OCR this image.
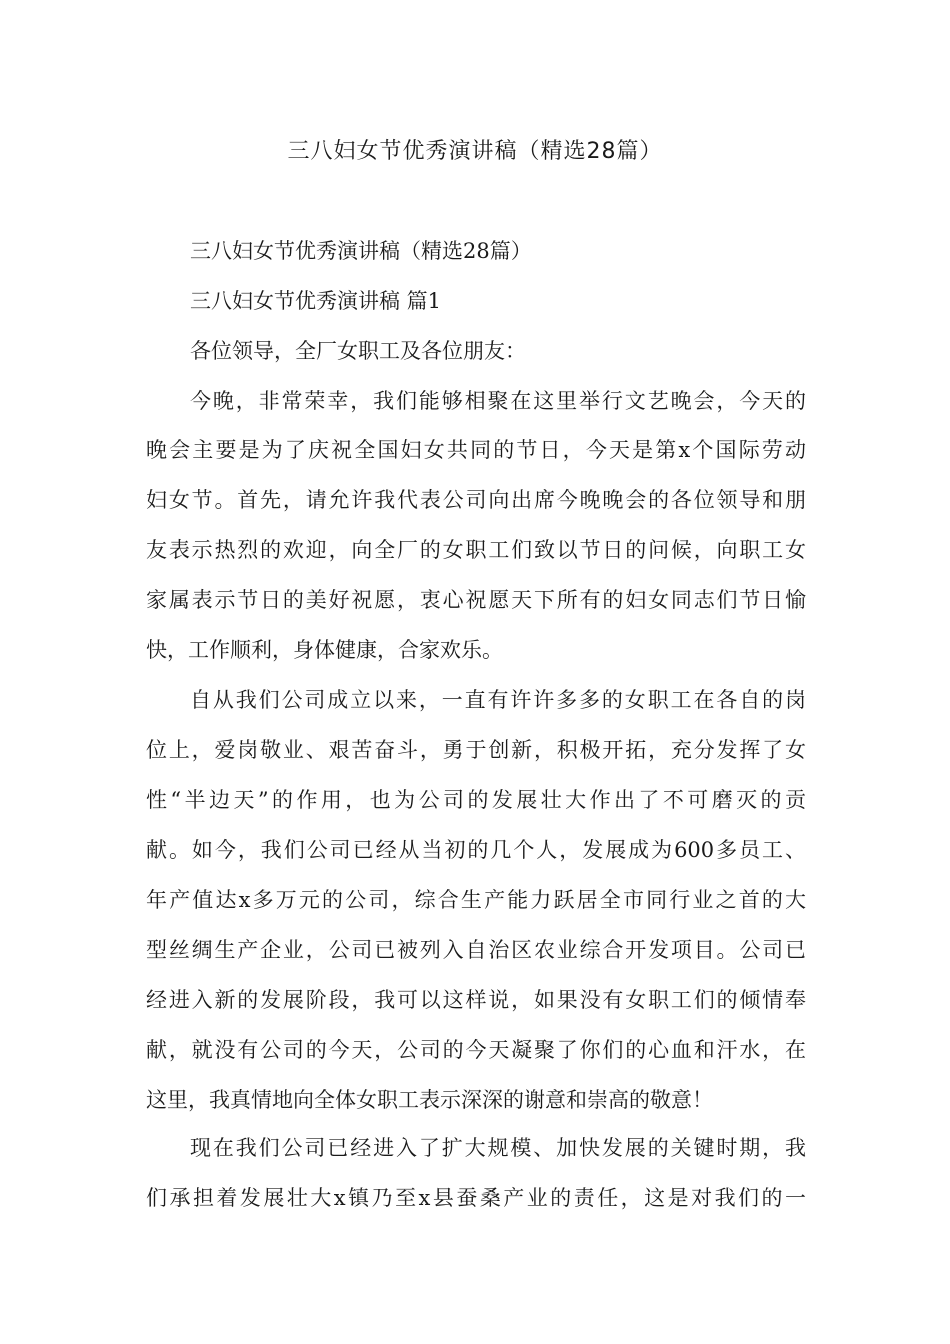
三八妇女节优秀演讲稿（精选28篇）
三八妇女节优秀演讲稿（精选28篇）
三八妇女节优秀演讲稿 篇1
各位领导，全厂女职工及各位朋友：
今晚，非常荣幸，我们能够相聚在这里举行文艺晚会，今天的
晚会主要是为了庆祝全国妇女共同的节日，今天是第x个国际劳动
妇女节。首先，请允许我代表公司向出席今晚晚会的各位领导和朋
友表示热烈的欢迎，向全厂的女职工们致以节日的问候，向职工女
家属表示节日的美好祝愿，衷心祝愿天下所有的妇女同志们节日愉
快，工作顺利，身体健康，合家欢乐。
自从我们公司成立以来，一直有许许多多的女职工在各自的岗
位上，爱岗敬业、艰苦奋斗，勇于创新，积极开拓，充分发挥了女
性“半边天”的作用，也为公司的发展壮大作出了不可磨灭的贡
献。如今，我们公司已经从当初的几个人，发展成为600多员工、
年产值达x多万元的公司，综合生产能力跃居全市同行业之首的大
型丝绸生产企业，公司已被列入自治区农业综合开发项目。公司已
经进入新的发展阶段，我可以这样说，如果没有女职工们的倾情奉
献，就没有公司的今天，公司的今天凝聚了你们的心血和汗水，在
这里，我真情地向全体女职工表示深深的谢意和崇高的敬意！
现在我们公司已经进入了扩大规模、加快发展的关键时期，我
们承担着发展壮大x镇乃至x县蚕桑产业的责任，这是对我们的一
